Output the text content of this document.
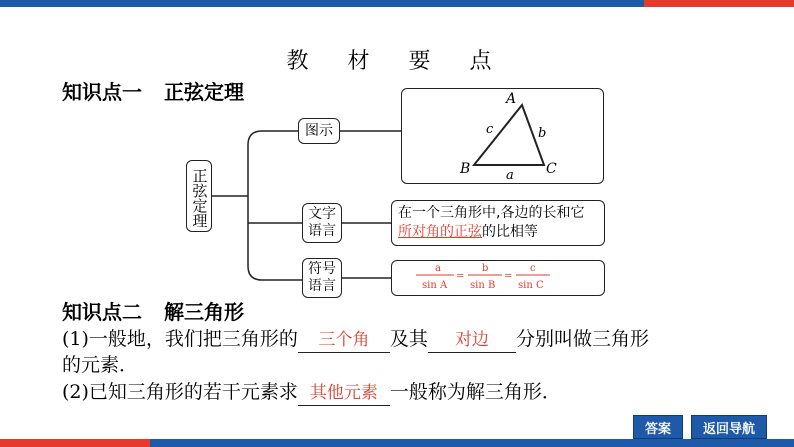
教 材 要 点
知识点一 正弦定理
正弦定理
图示
文字语言
符号语言
A
B	C
a
b
c
在一个三角形中,各边的长和它
所对角的正弦的比相等
a
sin A
=
b
sin B
=
c
sin C
知识点二 解三角形
(1)一般地，我们把三角形的 三个角 及其 对边 分别叫做三角形
的元素．
(2)已知三角形的若干元素求 其他元素 一般称为解三角形．
答案	返回导航
